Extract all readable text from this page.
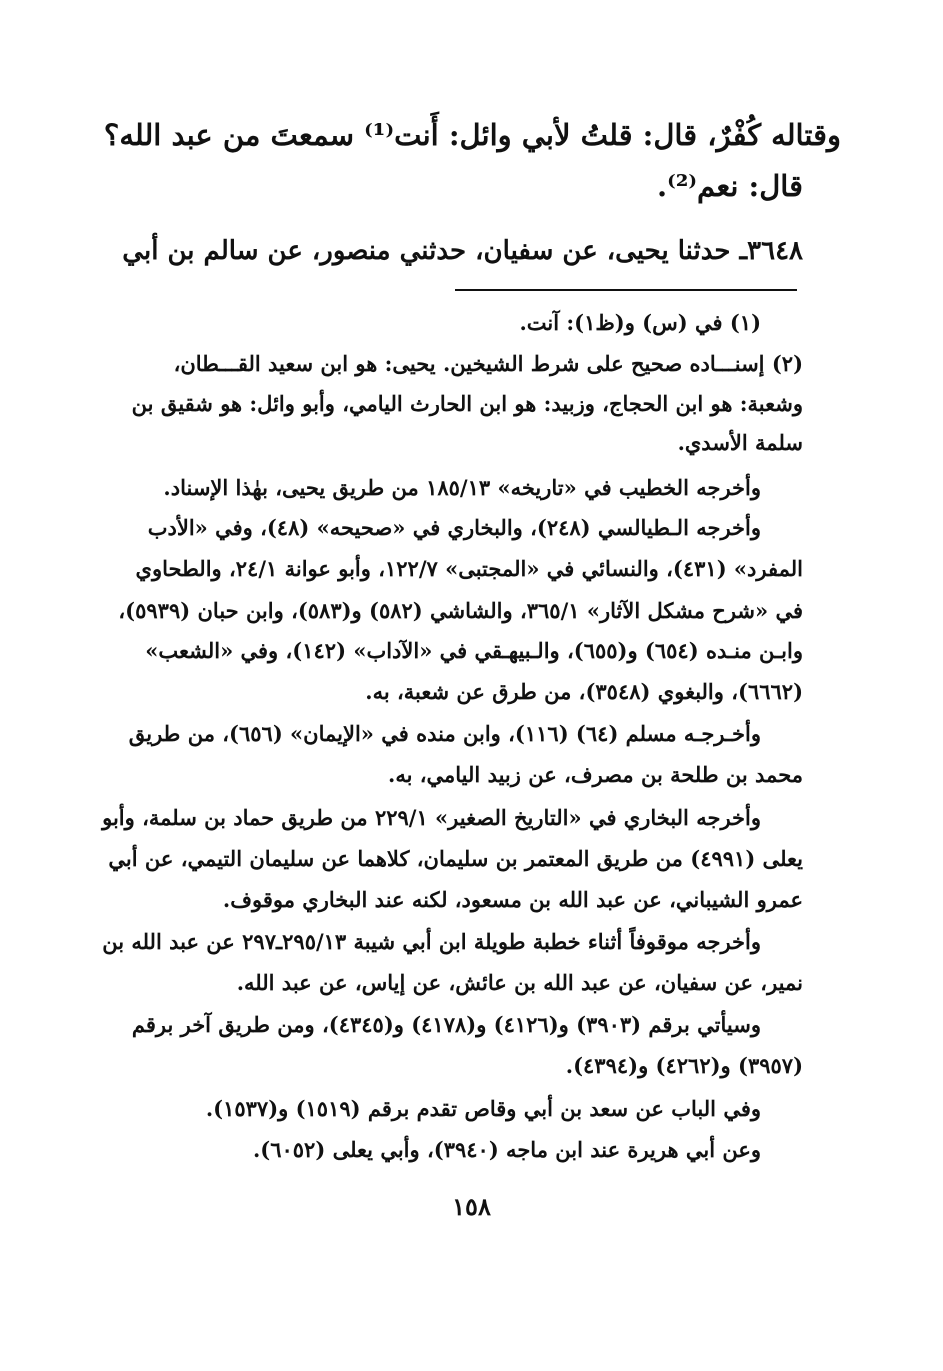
وقتاله كُفْرٌ، قال: قلتُ لأبي وائل: أَنت⁽¹⁾ سمعتَ من عبد الله؟

قال: نعم⁽²⁾.

٣٦٤٨ـ حدثنا يحيى، عن سفيان، حدثني منصور، عن سالم بن أبي

(١) في (س) و(ظ١): آنت.

(٢) إسنـــاده صحيح على شرط الشيخين. يحيى: هو ابن سعيد القـــطان،

وشعبة: هو ابن الحجاج، وزبيد: هو ابن الحارث اليامي، وأبو وائل: هو شقيق بن

سلمة الأسدي.

وأخرجه الخطيب في «تاريخه» ١٨٥/١٣ من طريق يحيى، بهٰذا الإسناد.

وأخرجه الـطيالسي (٢٤٨)، والبخاري في «صحيحه» (٤٨)، وفي «الأدب

المفرد» (٤٣١)، والنسائي في «المجتبى» ١٢٢/٧، وأبو عوانة ٢٤/١، والطحاوي

في «شرح مشكل الآثار» ٣٦٥/١، والشاشي (٥٨٢) و(٥٨٣)، وابن حبان (٥٩٣٩)،

وابـن منـده (٦٥٤) و(٦٥٥)، والـبيهـقي في «الآداب» (١٤٢)، وفي «الشعب»

(٦٦٦٢)، والبغوي (٣٥٤٨)، من طرق عن شعبة، به.

وأخـرجـه مسلم (٦٤) (١١٦)، وابن منده في «الإيمان» (٦٥٦)، من طريق

محمد بن طلحة بن مصرف، عن زبيد اليامي، به.

وأخرجه البخاري في «التاريخ الصغير» ٢٢٩/١ من طريق حماد بن سلمة، وأبو

يعلى (٤٩٩١) من طريق المعتمر بن سليمان، كلاهما عن سليمان التيمي، عن أبي

عمرو الشيباني، عن عبد الله بن مسعود، لكنه عند البخاري موقوف.

وأخرجه موقوفاً أثناء خطبة طويلة ابن أبي شيبة ٢٩٥/١٣ـ٢٩٧ عن عبد الله بن

نمير، عن سفيان، عن عبد الله بن عائش، عن إياس، عن عبد الله.

وسيأتي برقم (٣٩٠٣) و(٤١٢٦) و(٤١٧٨) و(٤٣٤٥)، ومن طريق آخر برقم

(٣٩٥٧) و(٤٢٦٢) و(٤٣٩٤).

وفي الباب عن سعد بن أبي وقاص تقدم برقم (١٥١٩) و(١٥٣٧).

وعن أبي هريرة عند ابن ماجه (٣٩٤٠)، وأبي يعلى (٦٠٥٢).

١٥٨
